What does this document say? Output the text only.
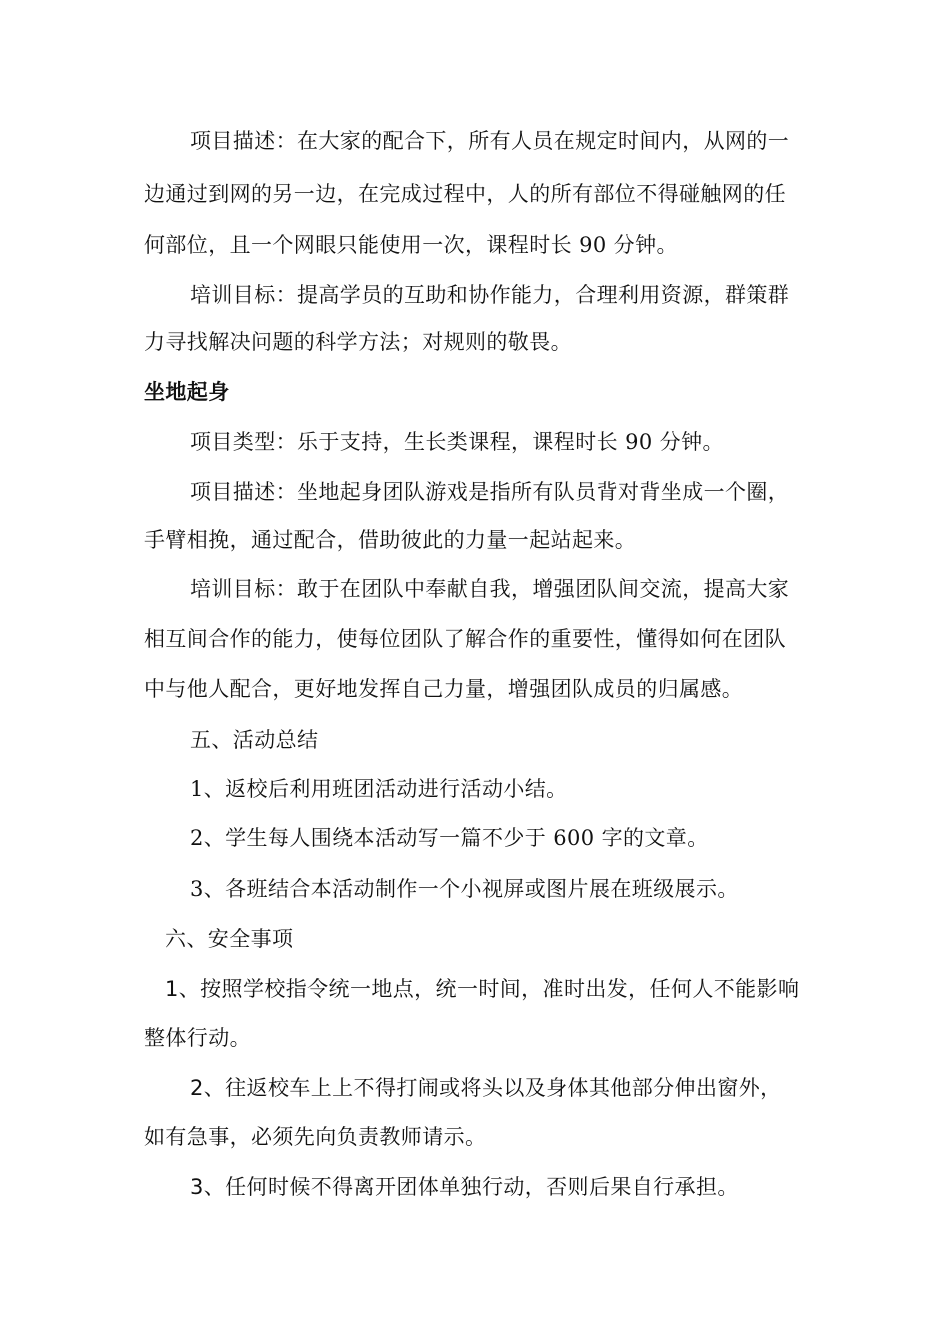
项目描述：在大家的配合下，所有人员在规定时间内，从网的一
边通过到网的另一边，在完成过程中，人的所有部位不得碰触网的任
何部位，且一个网眼只能使用一次，课程时长 90 分钟。
培训目标：提高学员的互助和协作能力，合理利用资源，群策群
力寻找解决问题的科学方法；对规则的敬畏。
坐地起身
项目类型：乐于支持，生长类课程，课程时长 90 分钟。
项目描述：坐地起身团队游戏是指所有队员背对背坐成一个圈，
手臂相挽，通过配合，借助彼此的力量一起站起来。
培训目标：敢于在团队中奉献自我，增强团队间交流，提高大家
相互间合作的能力，使每位团队了解合作的重要性，懂得如何在团队
中与他人配合，更好地发挥自己力量，增强团队成员的归属感。
五、活动总结
1、返校后利用班团活动进行活动小结。
2、学生每人围绕本活动写一篇不少于 600 字的文章。
3、各班结合本活动制作一个小视屏或图片展在班级展示。
六、安全事项
1、按照学校指令统一地点，统一时间，准时出发，任何人不能影响
整体行动。
2、往返校车上上不得打闹或将头以及身体其他部分伸出窗外，
如有急事，必须先向负责教师请示。
3、任何时候不得离开团体单独行动，否则后果自行承担。
